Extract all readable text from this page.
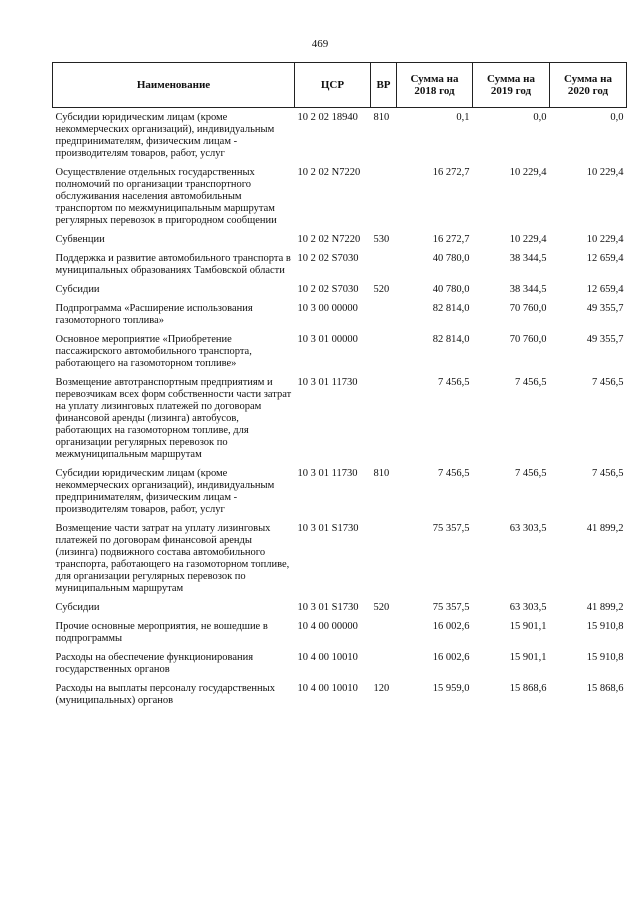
469
Наименование	ЦСР	ВР	Сумма на 2018 год	Сумма на 2019 год	Сумма на 2020 год
Субсидии юридическим лицам (кроме некоммерческих организаций), индивидуальным предпринимателям, физическим лицам - производителям товаров, работ, услуг	10 2 02 18940	810	0,1	0,0	0,0
Осуществление отдельных государственных полномочий по организации транспортного обслуживания населения автомобильным транспортом по межмуниципальным маршрутам регулярных перевозок в пригородном сообщении	10 2 02 N7220		16 272,7	10 229,4	10 229,4
Субвенции	10 2 02 N7220	530	16 272,7	10 229,4	10 229,4
Поддержка и развитие автомобильного транспорта в муниципальных образованиях Тамбовской области	10 2 02 S7030		40 780,0	38 344,5	12 659,4
Субсидии	10 2 02 S7030	520	40 780,0	38 344,5	12 659,4
Подпрограмма «Расширение использования газомоторного топлива»	10 3 00 00000		82 814,0	70 760,0	49 355,7
Основное мероприятие «Приобретение пассажирского автомобильного транспорта, работающего на газомоторном топливе»	10 3 01 00000		82 814,0	70 760,0	49 355,7
Возмещение автотранспортным предприятиям и перевозчикам всех форм собственности части затрат на уплату лизинговых платежей по договорам финансовой аренды (лизинга) автобусов, работающих на газомоторном топливе, для организации регулярных перевозок по межмуниципальным маршрутам	10 3 01 11730		7 456,5	7 456,5	7 456,5
Субсидии юридическим лицам (кроме некоммерческих организаций), индивидуальным предпринимателям, физическим лицам - производителям товаров, работ, услуг	10 3 01 11730	810	7 456,5	7 456,5	7 456,5
Возмещение части затрат на уплату лизинговых платежей по договорам финансовой аренды (лизинга) подвижного состава автомобильного транспорта, работающего на газомоторном топливе, для организации регулярных перевозок по муниципальным маршрутам	10 3 01 S1730		75 357,5	63 303,5	41 899,2
Субсидии	10 3 01 S1730	520	75 357,5	63 303,5	41 899,2
Прочие основные мероприятия, не вошедшие в подпрограммы	10 4 00 00000		16 002,6	15 901,1	15 910,8
Расходы на обеспечение функционирования государственных органов	10 4 00 10010		16 002,6	15 901,1	15 910,8
Расходы на выплаты персоналу государственных (муниципальных) органов	10 4 00 10010	120	15 959,0	15 868,6	15 868,6
